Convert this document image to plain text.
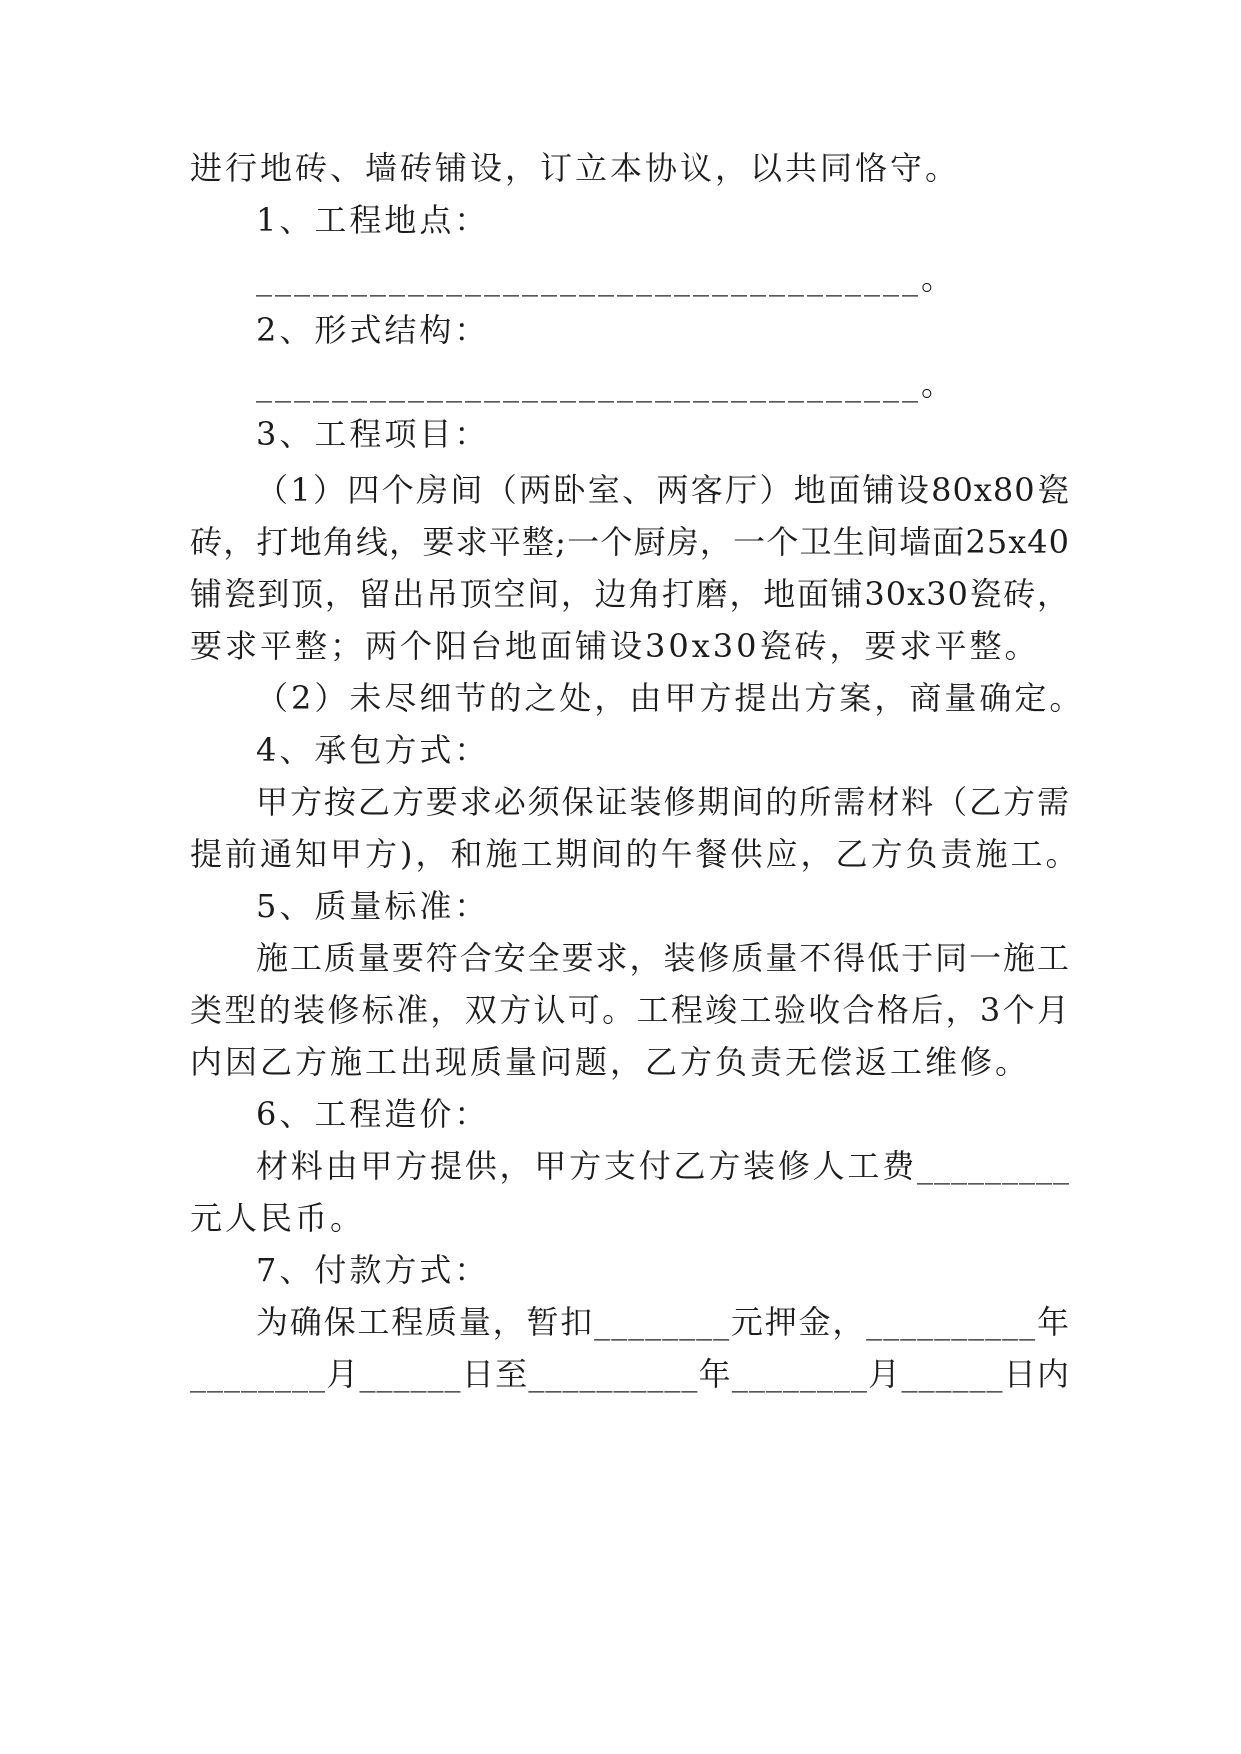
进行地砖、墙砖铺设，订立本协议，以共同恪守。
1、工程地点：
___________________________________。
2、形式结构：
___________________________________。
3、工程项目：
（1）四个房间（两卧室、两客厅）地面铺设80x80瓷
砖，打地角线，要求平整;一个厨房，一个卫生间墙面25x40
铺瓷到顶，留出吊顶空间，边角打磨，地面铺30x30瓷砖，
要求平整；两个阳台地面铺设30x30瓷砖，要求平整。
（2）未尽细节的之处，由甲方提出方案，商量确定。
4、承包方式：
甲方按乙方要求必须保证装修期间的所需材料（乙方需
提前通知甲方)，和施工期间的午餐供应，乙方负责施工。
5、质量标准：
施工质量要符合安全要求，装修质量不得低于同一施工
类型的装修标准，双方认可。工程竣工验收合格后，3个月
内因乙方施工出现质量问题，乙方负责无偿返工维修。
6、工程造价：
材料由甲方提供，甲方支付乙方装修人工费_________
元人民币。
7、付款方式：
为确保工程质量，暂扣________元押金，__________年
________月______日至__________年________月______日内
